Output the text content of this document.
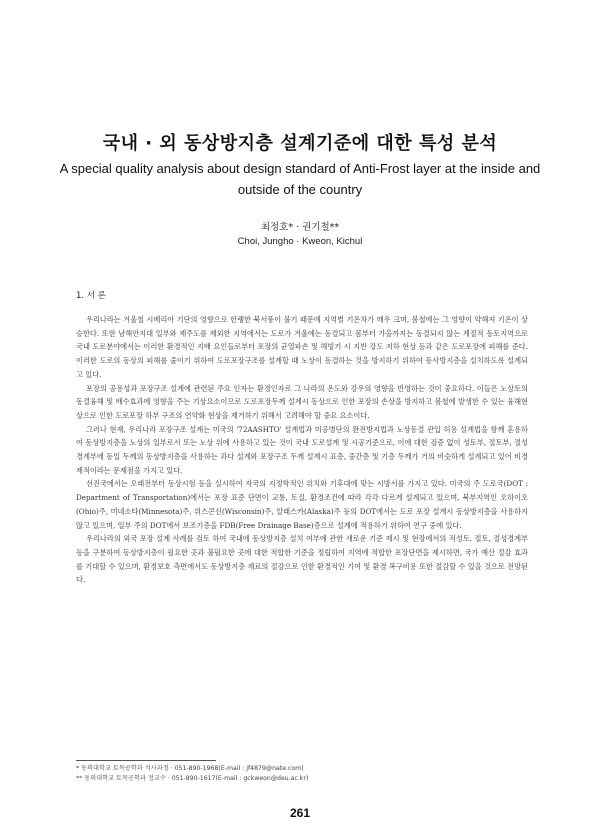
국내 · 외 동상방지층 설계기준에 대한 특성 분석
A special quality analysis about design standard of Anti-Frost layer at the inside and outside of the country
최정호* · 권기철**
Choi, Jungho · Kweon, Kichul
1. 서 론

우리나라는 겨울철 시베리아 기단의 영향으로 한랭한 북서풍이 불기 때문에 지역별 기온차가 매우 크며, 봄철에는 그 영향이 약해져 기온이 상승한다. 또한 남해안지대 일부와 제주도를 제외한 지역에서는 도로가 겨울에는 동결되고 봄부터 가을까지는 동결되지 않는 계절적 동토지역으로 국내 도로분야에서는 이러한 환경적인 지배 요인들로부터 포장의 균열파손 및 해빙기 시 지반 강도 저하 현상 등과 같은 도로포장에 피해를 준다. 이러한 도로의 동상의 피해를 줄이기 위하여 도로포장구조를 설계할 때 노상이 동결하는 것을 방지하기 위하여 동사방지층을 설치하도록 설계되고 있다.

포장의 공용성과 포장구조 설계에 관련된 주요 인자는 환경인자로 그 나라의 온도와 강우의 영향을 반영하는 것이 중요하다. 이들은 노상토의 동결융해 및 배수효과에 영향을 주는 기상요소이므로 도로포장두께 설계시 동상으로 인한 포장의 손상을 방지하고 봄철에 발생한 수 있는 융해현상으로 인한 도로포장 하부 구조의 연약화 현상을 제거하기 위해서 고려해야 할 중요 요소이다.

그러나 현재, 우리나라 포장구조 설계는 미국의 '72AASHTO' 설계법과 미공병단의 완전방지법과 노상동결 관입 허용 설계법을 함께 혼용하여 동상방지층을 노상의 일부로서 또는 노상 위에 사용하고 있는 것이 국내 도로설계 및 시공기준으로, 이에 대한 검증 없이 성토부, 절토부, 절성 경계부에 동일 두께의 동상방지층을 사용하는 과다 설계와 포장구조 두께 설계시 표층, 중간층 및 기층 두께가 거의 비슷하게 설계되고 있어 비경제적이라는 문제점을 가지고 있다.

선진국에서는 오래전부터 동상시험 등을 실시하여 자국의 지정학적인 위치와 기후대에 맞는 시방서를 가지고 있다. 미국의 주 도로국(DOT : Department of Transportation)에서는 포장 표준 단면이 교통, 토질, 환경조건에 따라 각각 다르게 설계되고 있으며, 북부지역인 오하이오(Ohio)주, 미네소타(Minnesota)주, 위스콘신(Wisconsin)주, 알래스카(Alaska)주 등의 DOT에서는 도로 포장 설계시 동상방지층을 사용하지 않고 있으며, 일부 주의 DOT에서 보조기층을 FDB(Free Drainage Base)층으로 설계에 적용하기 위하여 연구 중에 있다.

우리나라의 외국 포장 설계 사례를 검토 하여 국내에 동상방지층 설치 여부에 관한 새로운 기준 제시 및 현장에서의 적성토, 절토, 절성경계부 등을 구분하여 동상방지층이 필요한 곳과 불필요한 곳에 대한 적합한 기준을 정립하여 지역에 적합한 포장단면을 제시하면, 국가 예산 절감 효과를 기대할 수 있으며, 환경보호 측면에서도 동상방지층 재료의 절감으로 인한 환경적인 기여 및 환경 복구비용 또한 절감할 수 있을 것으로 전망된다.

* 동의대학교 토목공학과 석사과정 · 051-890-1968(E-mail : jf4879@nate.com)
** 동의대학교 토목공학과 정교수 · 051-890-1617(E-mail : gckweon@deu.ac.kr)
261
